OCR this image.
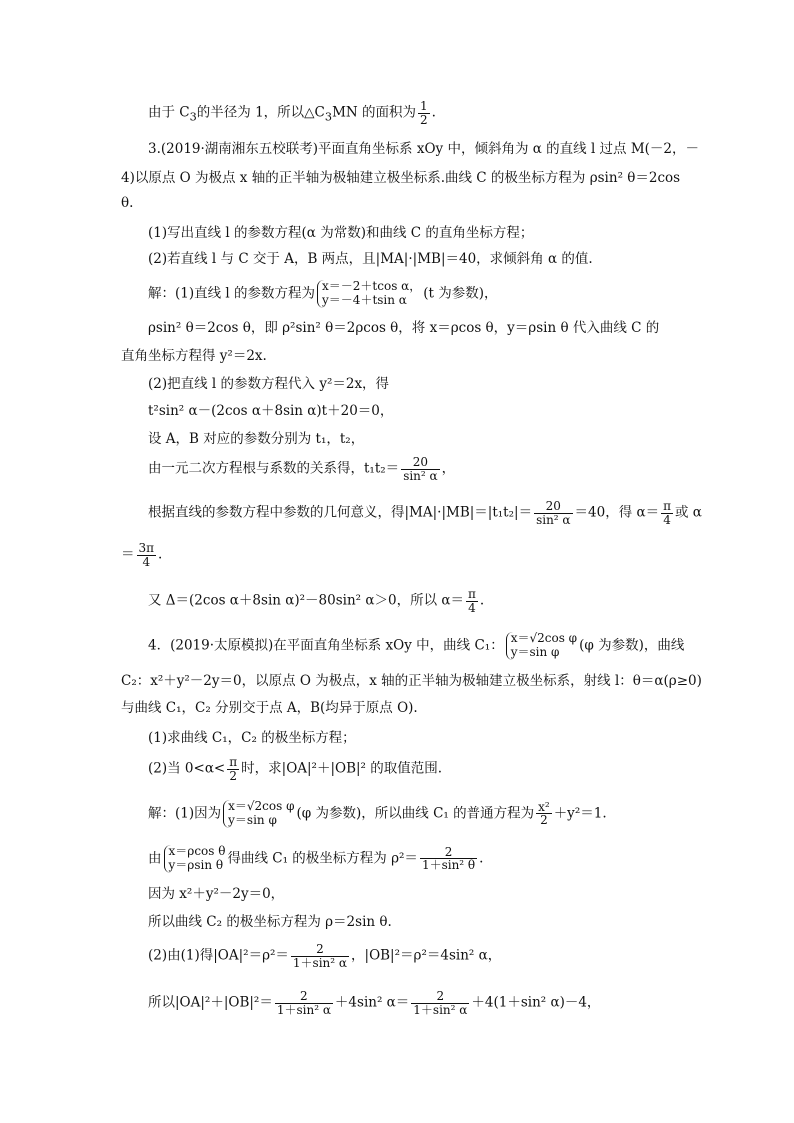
由于 $C_3$的半径为 1，所以$\triangle C_3MN$ 的面积为 $\frac{1}{2}$ .
3.(2019·湖南湘东五校联考)平面直角坐标系 xOy 中，倾斜角为 α 的直线 l 过点 M(－2，－
4)以原点 O 为极点 x 轴的正半轴为极轴建立极坐标系.曲线 C 的极坐标方程为 ρsin² θ＝2cos
θ.
(1)写出直线 l 的参数方程(α 为常数)和曲线 C 的直角坐标方程；
(2)若直线 l 与 C 交于 A，B 两点，且|MA|·|MB|＝40，求倾斜角 α 的值.
解：(1)直线 l 的参数方程为 x＝－2＋tcos α，
y＝－4＋tsin α	(t 为参数)，
ρsin² θ＝2cos θ，即 ρ²sin² θ＝2ρcos θ，将 x＝ρcos θ，y＝ρsin θ 代入曲线 C 的
直角坐标方程得 y²＝2x.
(2)把直线 l 的参数方程代入 y²＝2x，得
t²sin² α－(2cos α＋8sin α)t＋20＝0，
设 A，B 对应的参数分别为 t₁，t₂，
由一元二次方程根与系数的关系得，$t_1t_2= \frac{20}{\text{sin² α}}$ ，
根据直线的参数方程中参数的几何意义，得$|MA|\cdot|MB|=|t_1t_2|= \frac{20}{\text{sin² α}} =40$，得 $\alpha= \frac{\pi}{4}$ 或 α
＝ $\frac{3\pi}{4}$ .
又 Δ＝(2cos α＋8sin α)²－80sin² α＞0，所以 $\alpha= \frac{\pi}{4}$ .
4．(2019·太原模拟)在平面直角坐标系 xOy 中，曲线 C₁： x＝√2cos φ
y＝sin φ	(φ 为参数)，曲线
C₂：x²＋y²－2y＝0，以原点 O 为极点，x 轴的正半轴为极轴建立极坐标系，射线 l：θ＝α(ρ≥0)
与曲线 C₁，C₂ 分别交于点 A，B(均异于原点 O).
(1)求曲线 C₁，C₂ 的极坐标方程；
(2)当 $0<\alpha< \frac{\pi}{2}$ 时，求|OA|²＋|OB|² 的取值范围.
解：(1)因为 x＝√2cos φ
y＝sin φ	(φ 为参数)，所以曲线 C₁ 的普通方程为 $\frac{\text{x²}}{2} +y^2=1$.
由 x＝ρcos θ
y＝ρsin θ 得曲线 C₁ 的极坐标方程为 $\rho^2= \frac{2}{\text{1＋sin² θ}}$ .
因为 x²＋y²－2y＝0，
所以曲线 C₂ 的极坐标方程为 ρ＝2sin θ.
(2)由(1)得$|OA|^2=\rho^2= \frac{2}{\text{1＋sin² α}}$ ，|OB|²＝ρ²＝4sin² α，
所以$|OA|^2+|OB|^2= \frac{2}{\text{1＋sin² α}} +4\sin^2$ $\alpha= \frac{2}{\text{1＋sin² α}} +4(1+\sin^2$ α)－4，
